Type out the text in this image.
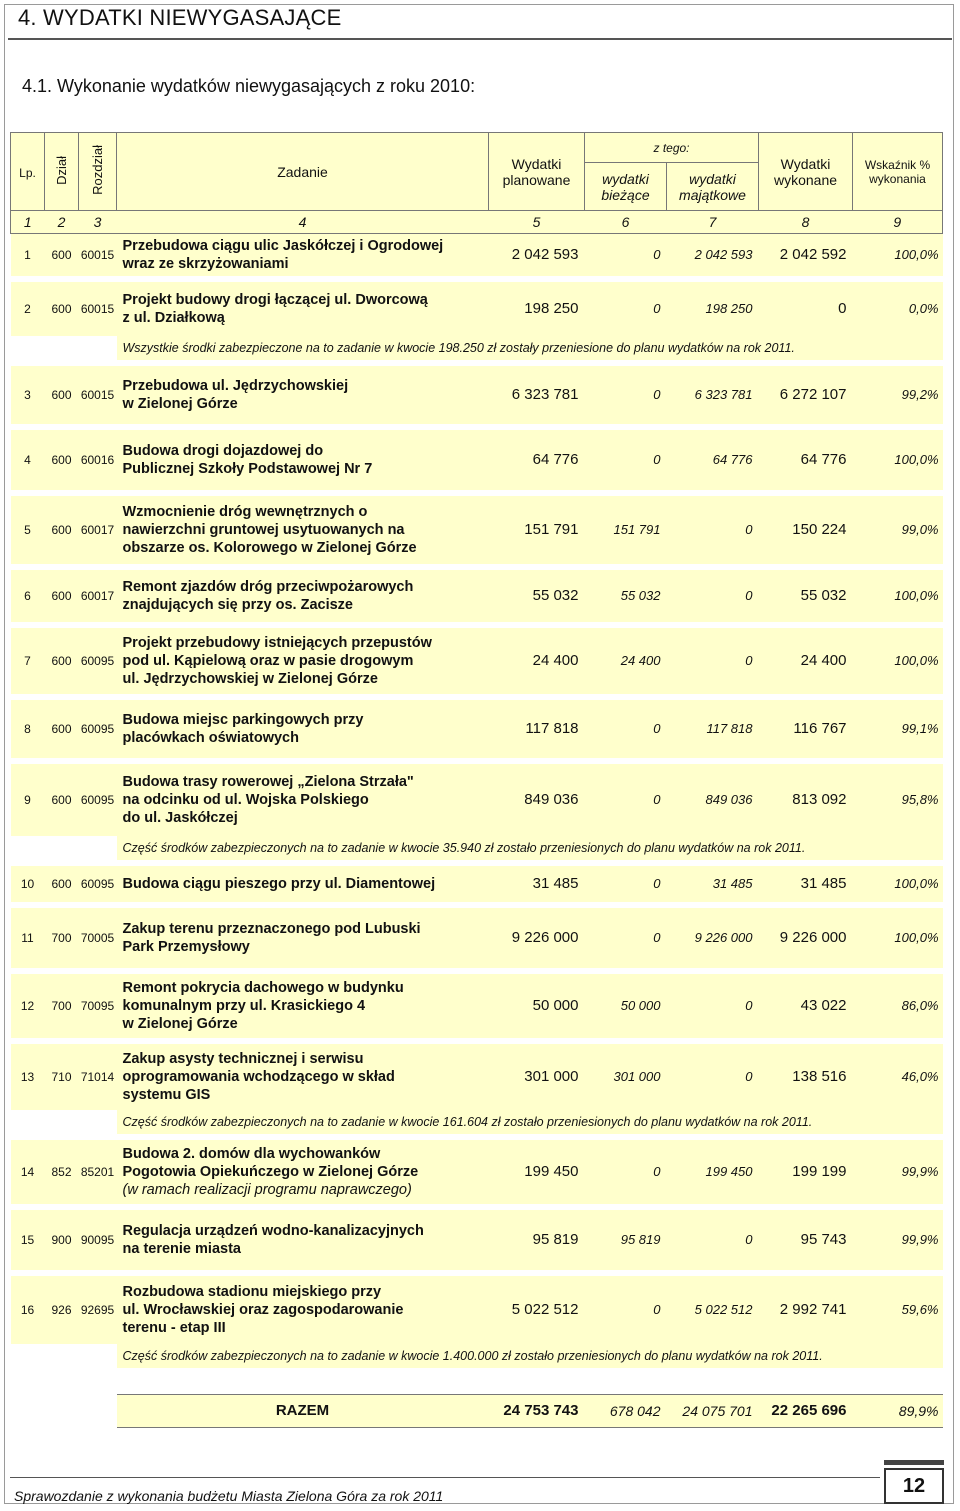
4. WYDATKI NIEWYGASAJĄCE
4.1. Wykonanie wydatków niewygasających z roku 2010:
Lp.	Dział	Rozdział	Zadanie	Wydatki planowane	z tego:		Wydatki wykonane	Wskaźnik % wykonania
					wydatki bieżące	wydatki majątkowe		
1	2	3	4	5	6	7	8	9
1	600	60015	Przebudowa ciągu ulic Jaskółczej i Ogrodowej
wraz ze skrzyżowaniami	2 042 593	0	2 042 593	2 042 592	100,0%

2	600	60015	Projekt budowy drogi łączącej ul. Dworcową
z ul. Działkową	198 250	0	198 250	0	0,0%
			Wszystkie środki zabezpieczone na to zadanie w kwocie 198.250 zł zostały przeniesione do planu wydatków na rok 2011.					

3	600	60015	Przebudowa ul. Jędrzychowskiej
w Zielonej Górze	6 323 781	0	6 323 781	6 272 107	99,2%

4	600	60016	Budowa drogi dojazdowej do
Publicznej Szkoły Podstawowej Nr 7	64 776	0	64 776	64 776	100,0%

5	600	60017	Wzmocnienie dróg wewnętrznych o
nawierzchni gruntowej usytuowanych na
obszarze os. Kolorowego w Zielonej Górze	151 791	151 791	0	150 224	99,0%

6	600	60017	Remont zjazdów dróg przeciwpożarowych
znajdujących się przy os. Zacisze	55 032	55 032	0	55 032	100,0%

7	600	60095	Projekt przebudowy istniejących przepustów
pod ul. Kąpielową oraz w pasie drogowym
ul. Jędrzychowskiej w Zielonej Górze	24 400	24 400	0	24 400	100,0%

8	600	60095	Budowa miejsc parkingowych przy
placówkach oświatowych	117 818	0	117 818	116 767	99,1%

9	600	60095	Budowa trasy rowerowej „Zielona Strzała"
na odcinku od ul. Wojska Polskiego
do ul. Jaskółczej	849 036	0	849 036	813 092	95,8%
			Część środków zabezpieczonych na to zadanie w kwocie 35.940 zł zostało przeniesionych do planu wydatków na rok 2011.					

10	600	60095	Budowa ciągu pieszego przy ul. Diamentowej	31 485	0	31 485	31 485	100,0%

11	700	70005	Zakup terenu przeznaczonego pod Lubuski
Park Przemysłowy	9 226 000	0	9 226 000	9 226 000	100,0%

12	700	70095	Remont pokrycia dachowego w budynku
komunalnym przy ul. Krasickiego 4
w Zielonej Górze	50 000	50 000	0	43 022	86,0%

13	710	71014	Zakup asysty technicznej i serwisu
oprogramowania wchodzącego w skład
systemu GIS	301 000	301 000	0	138 516	46,0%
			Część środków zabezpieczonych na to zadanie w kwocie 161.604 zł zostało przeniesionych do planu wydatków na rok 2011.					

14	852	85201	Budowa 2. domów dla wychowanków
Pogotowia Opiekuńczego w Zielonej Górze
(w ramach realizacji programu naprawczego)	199 450	0	199 450	199 199	99,9%

15	900	90095	Regulacja urządzeń wodno-kanalizacyjnych
na terenie miasta	95 819	95 819	0	95 743	99,9%

16	926	92695	Rozbudowa stadionu miejskiego przy
ul. Wrocławskiej oraz zagospodarowanie
terenu - etap III	5 022 512	0	5 022 512	2 992 741	59,6%
			Część środków zabezpieczonych na to zadanie w kwocie 1.400.000 zł zostało przeniesionych do planu wydatków na rok 2011.					

			RAZEM	24 753 743	678 042	24 075 701	22 265 696	89,9%
Sprawozdanie z wykonania budżetu Miasta Zielona Góra za rok 2011	12
